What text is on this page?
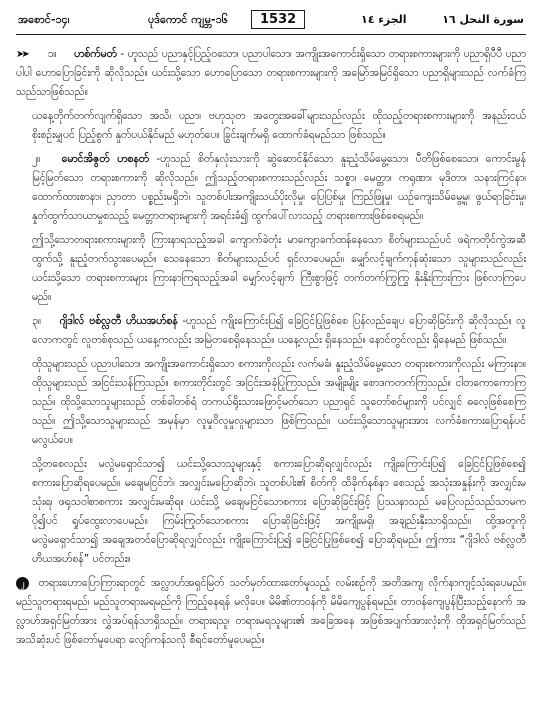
အစောင်-၁၄၊	ပုဒ်ကောင် ကျမ္ဘ-၁၆	1532	الجزء ١٤	سورة النحل ١٦

➤➤ ၁။ ဟစ်က်မတ် - ဟူသည် ပညာနှင့်ပြည့်ဝသော၊ ပညာပါသော၊ အကျိုးအကောင်းရှိသော တရားစကားများကို ပညာရှိပီပီ ပညာပါပါ ဟောပြောခြင်းကို ဆိုလိုသည်။ ယင်းသို့သော ဟောပြောသော တရားစကားများကို အမြော်အမြင်ရှိသော ပညာရှိများသည် လက်ခံကြသည်သာဖြစ်သည်။

ယနေ့တိုက်တက်လျက်ရှိသော အသိ၊ ပညာ၊ ဗဟုသုတ အတွေးအခေါ်များသည်လည်း ထိုသည့်တရားစကားများကို အနည်းငယ်စိုးစဉ်းမျှပင် ပြည့်စွက် နှုတ်ပယ်နိုင်မည် မဟုတ်ပေ။ ခြွင်းချက်မရှိ ထောက်ခံရမည်သာ ဖြစ်သည်။

၂။ မောင်အိဇွတ် ဟစနတ် -ဟူသည် စိတ်နှလုံးသားကို ဆွဲဆောင်နိုင်သော နူးညံ့သိမ်မွေ့သော၊ ပီတိဖြစ်စေသော၊ ကောင်းမွန်မြင့်မြတ်သော တရားစကားကို ဆိုလိုသည်။ ဤသည့်တရားစကားသည်လည်း သစ္စာ၊ မေတ္တာ၊ ကရုဏာ၊ မုဒိတာ၊ သနားကြင်နာ၊ ထောက်ထားစာနာ၊ ညှာတာ ပစ္စည်းမရှိဘဲ၊ သူတစ်ပါးအကျိုးသယ်ပိုးလိုမှု၊ ပြေပြစ်မှု၊ ကြည်ဖြူမှု၊ ယဉ်ကျေးသိမ်မွေ့မှု၊ ဖွယ်ရာခြင်းမှု၊ နှုတ်ထွက်သာယာမှုစသည့် မေတ္တာတရားများကို အရင်းခံ၍ ထွက်ပေါ်လာသည့် တရားစကားဖြစ်စေရမည်။

ဤသို့သောတရားစကားများကို ကြားနာရသည့်အခါ ကျောက်ခဲတုံး မာကျောခက်ထန်နေသော စိတ်များသည်ပင် ဖရဲကတိုင်ကွဲအဆီထွက်သို့ နူးညံ့တက်သွားပေမည်။ သေနေသော စိတ်များသည်ပင် ရှင်လာပေမည်။ မျှော်လင့်ချက်ကုန်ဆုံးသော သူများသည်လည်း ယင်းသို့သော တရားစကားများ ကြားနာကြရသည့်အခါ မျှော်လင့်ချက် ကြီးစွာဖြင့် တက်တက်ကြွကြွ နိုးနိုးကြားကြား ဖြစ်လာကြပေမည်။

၃။ ဂျိဒါလ် ဗစ်လ္လတီ ဟိယအဟ်စန် -ဟူသည် ကျိုးကြောင်းပြ၍ ခြေငြင်ပြုဖြစ်စေ ပြန်လည်ချေပ ပြောဆိုခြင်းကို ဆိုလိုသည်။ လူလောကတွင် လူတစ်စုသည် ယနေ့ကလည်း အမြဲတစေရှိနေသည်။ ယနေ့လည်း ရှိနေသည်။ နောင်တွင်လည်း ရှိနေမည် ဖြစ်သည်။

ထိုသူများသည် ပညာပါသော၊ အကျိုးအကောင်းရှိသော စကားကိုလည်း လက်မခံ၊ နူးညံ့သိမ်မွေ့သော တရားစကားကိုလည်း မကြားနာ။ ထိုသူများသည် အငြင်းသန်ကြသည်။ စကားတိုင်းတွင် အငြင်းအခုံပြုကြသည်။ အမျိုးမျိုး စောဒကတက်ကြသည်။ ငါတကောကောကြသည်။ ထိုသို့သောသူများသည် တစ်ခါတစ်ရံ တကယ်ရိုးသားဖြောင့်မတ်သော ပညာရှင် သူတော်စင်များကို ပင်လျှင် ဓလေ့ဖြစ်စေကြသည်။ ဤသို့သောသူများသည် အမှန်မှာ လူမှုဝိလူမှုလူများသာ ဖြစ်ကြသည်။ ယင်းသို့သောသူများအား လက်ခံစကားပြောရန်ပင် မလွယ်ပေ။

သို့တစေလည်း မလွဲမရှောင်သာ၍ ယင်းသို့သောသူများနှင့် စကားပြောဆိုရလျှင်လည်း ကျိုးကြောင်းပြ၍ ခြေငြင်ပြုဖြစ်စေ၍ စကားပြောဆိုရပေမည်။ မချေမငြင်ဘဲ၊ အလျှင်းမပြောဆိုဘဲ၊ သူတစ်ပါး၏ စိတ်ကို ထိခိုက်နစ်နာ စေသည့် အသုံးအနှုန်းကို အလျှင်းမသုံးရ၊ ဖရုသဝါစာစကား အလျှင်းမဆိုရ။ ယင်းသို့ မချေမငြင်သောစကား ပြောဆိုခြင်းဖြင့် ပြဿနာသည် မပြေလည်သည်သာမက ပို၍ပင် ရှုပ်ထွေးလာပေမည်။ ကြမ်းကြုတ်သောစကား ပြောဆိုခြင်းဖြင့် အကျိုးမရှိ၊ အချည်းနှီးသာရှိသည်။ ထို့အတူကို မလွဲမရှောင်သာ၍ အချေအတင်ပြောဆိုရလျှင်လည်း ကျိုးကြောင်းပြ၍ ခြေငြင်ပြုဖြစ်စေ၍ ပြောဆိုရမည်။ ဤကား “ဂျိဒါလ် ဗစ်လ္လတီ ဟိယအဟ်စန်” ပင်တည်း။

၂ တရားဟောပြောကြားရာတွင် အလ္လာဟ်အရှင်မြတ် သတ်မှတ်ထားတော်မူသည့် လမ်းစဉ်ကို အတိအကျ လိုက်နာကျင့်သုံးရပေမည်။ မည်သူတရားရမည်၊ မည်သူတရားမရမည်ကို ကြည့်နေရန် မလိုပေ။ မိမိ၏တာဝန်ကို မိမိကျေပွန်ရမည်။ တာဝန်ကျေပွန်ပြီးသည့်နောက် အလ္လာဟ်အရှင်မြတ်အား လွှဲအပ်ရန်သာရှိသည်။ တရားရသူ၊ တရားမရသူများ၏ အခြေအနေ အဖြစ်အပျက်အားလုံးကို ထိုအရှင်မြတ်သည် အသိဆုံးပင် ဖြစ်တော်မူပေရာ လျော်ကန်သလို စီရင်တော်မူပေမည်။
